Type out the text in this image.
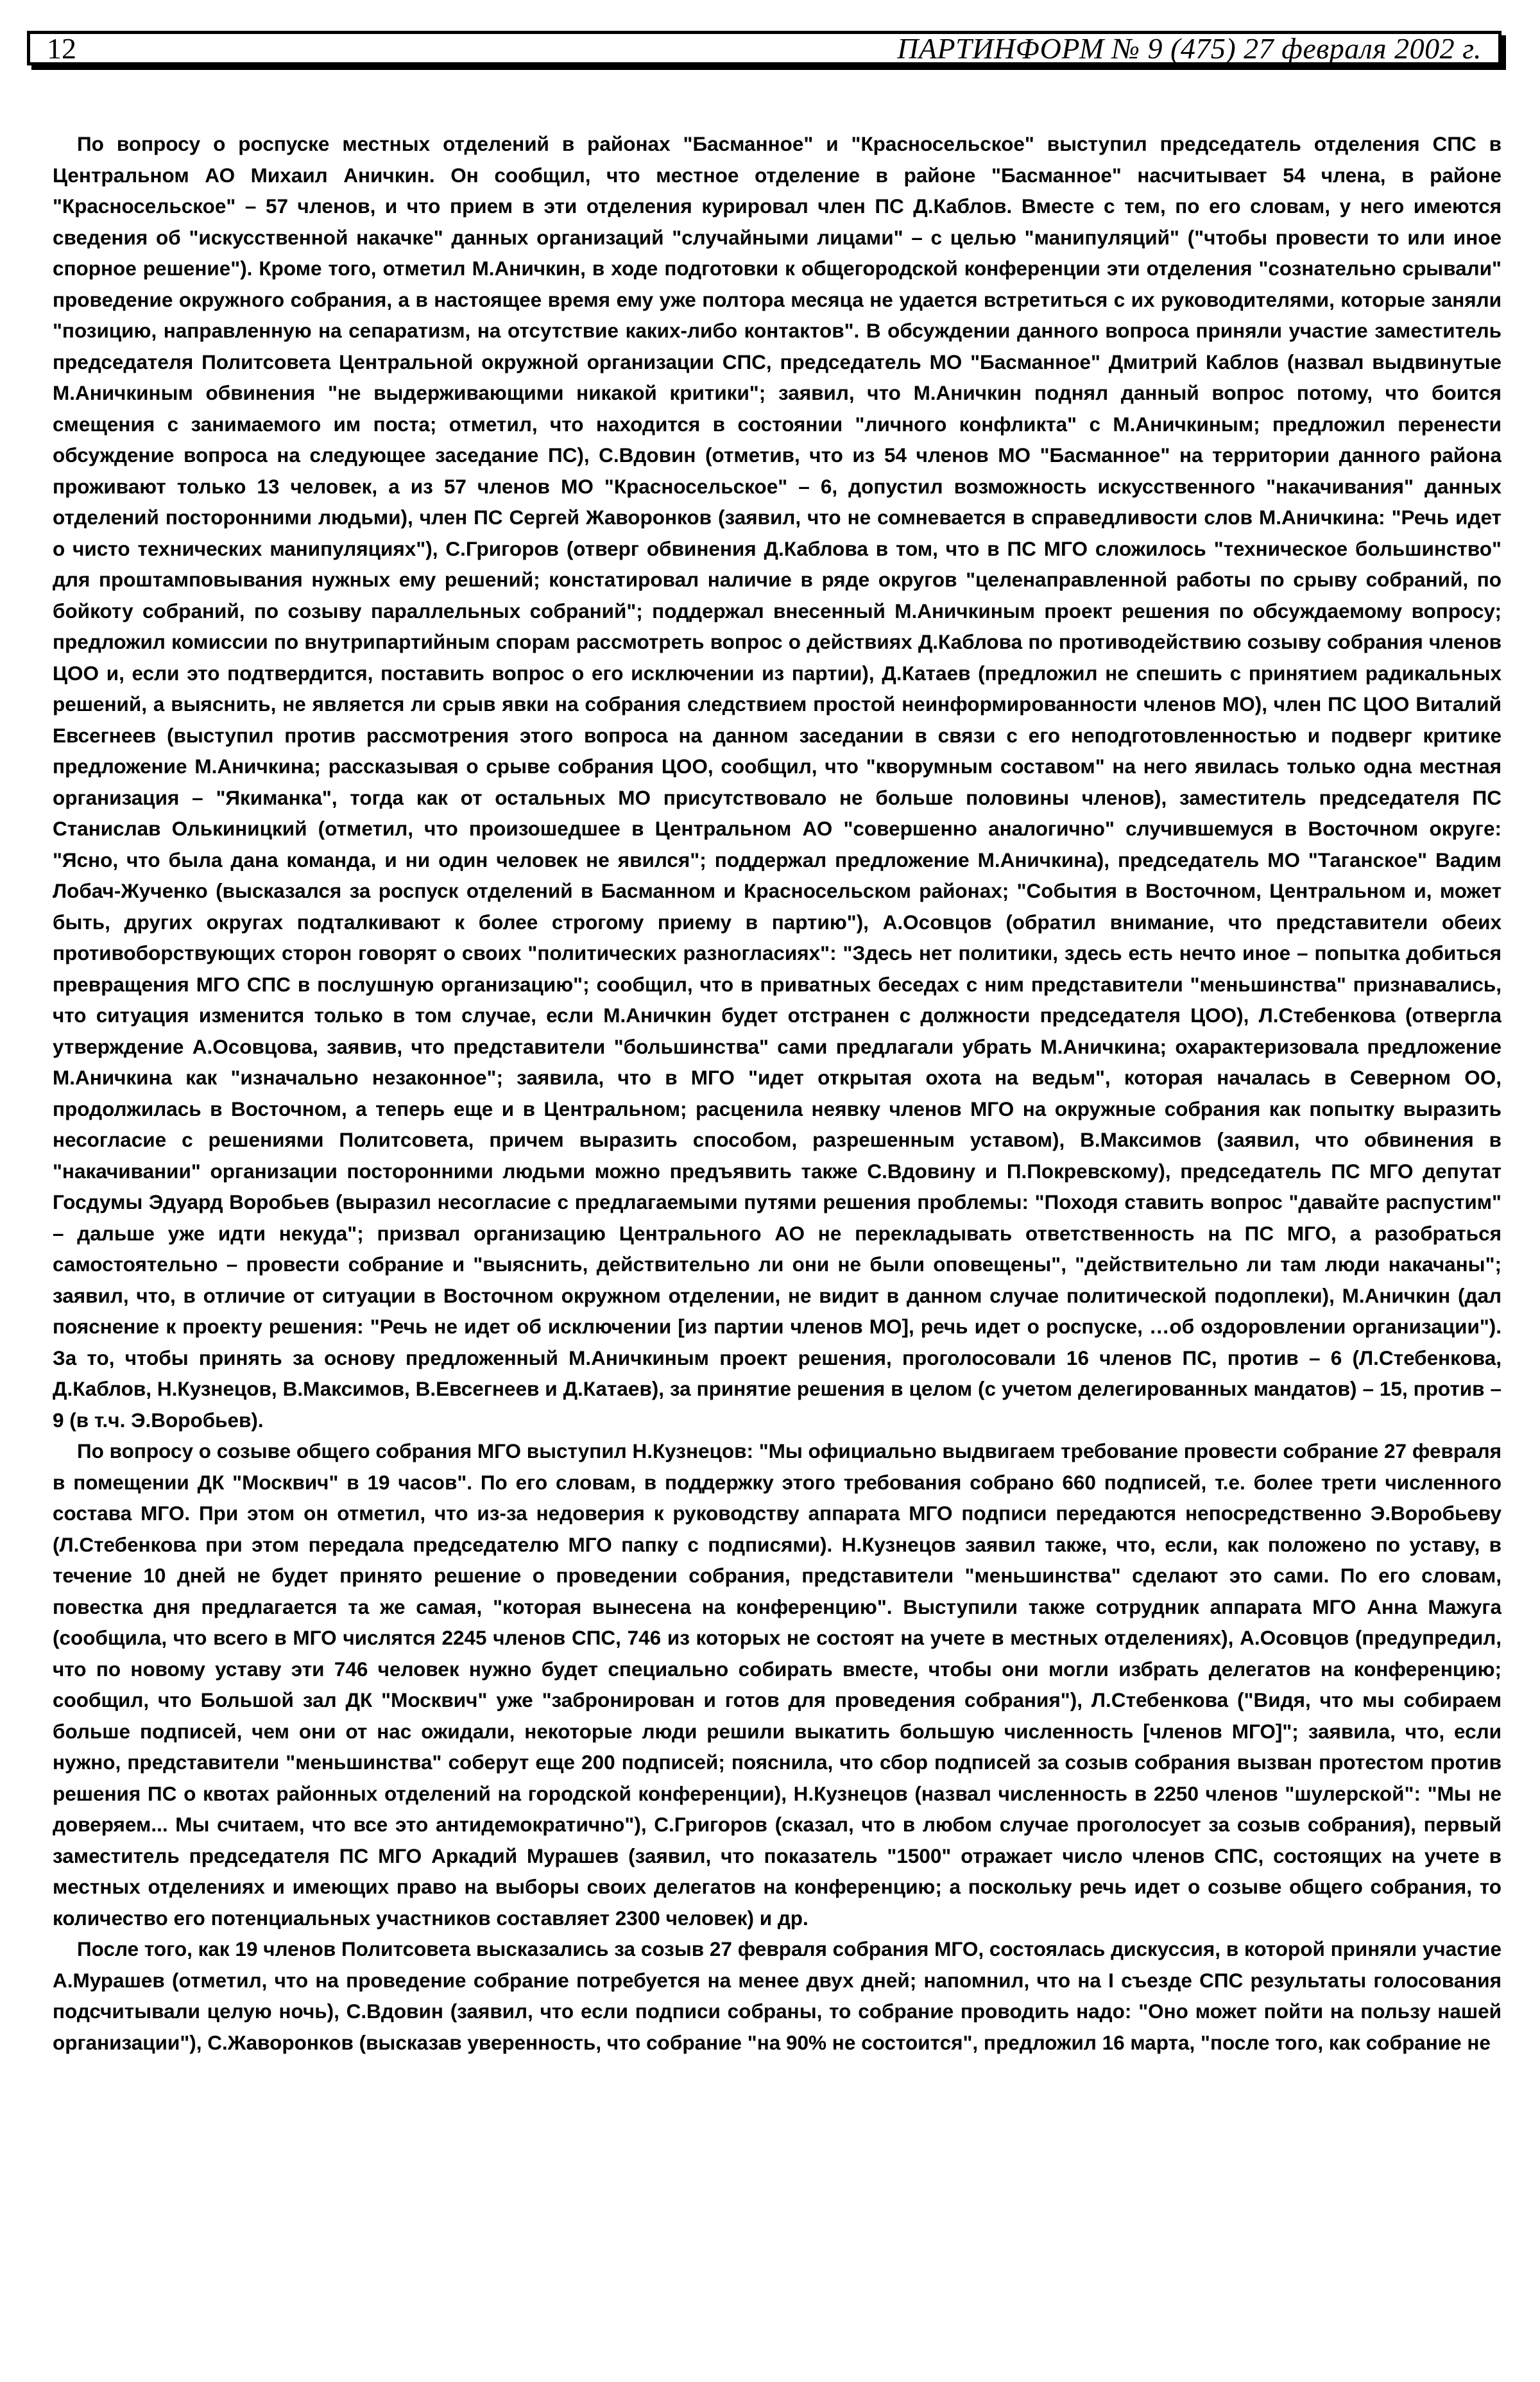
12	ПАРТИНФОРМ № 9 (475) 27 февраля 2002 г.

По вопросу о роспуске местных отделений в районах "Басманное" и "Красносельское" выступил председатель отделения СПС в Центральном АО Михаил Аничкин. Он сообщил, что местное отделение в районе "Басманное" насчитывает 54 члена, в районе "Красносельское" – 57 членов, и что прием в эти отделения курировал член ПС Д.Каблов. Вместе с тем, по его словам, у него имеются сведения об "искусственной накачке" данных организаций "случайными лицами" – с целью "манипуляций" ("чтобы провести то или иное спорное решение"). Кроме того, отметил М.Аничкин, в ходе подготовки к общегородской конференции эти отделения "сознательно срывали" проведение окружного собрания, а в настоящее время ему уже полтора месяца не удается встретиться с их руководителями, которые заняли "позицию, направленную на сепаратизм, на отсутствие каких-либо контактов". В обсуждении данного вопроса приняли участие заместитель председателя Политсовета Центральной окружной организации СПС, председатель МО "Басманное" Дмитрий Каблов (назвал выдвинутые М.Аничкиным обвинения "не выдерживающими никакой критики"; заявил, что М.Аничкин поднял данный вопрос потому, что боится смещения с занимаемого им поста; отметил, что находится в состоянии "личного конфликта" с М.Аничкиным; предложил перенести обсуждение вопроса на следующее заседание ПС), С.Вдовин (отметив, что из 54 членов МО "Басманное" на территории данного района проживают только 13 человек, а из 57 членов МО "Красносельское" – 6, допустил возможность искусственного "накачивания" данных отделений посторонними людьми), член ПС Сергей Жаворонков (заявил, что не сомневается в справедливости слов М.Аничкина: "Речь идет о чисто технических манипуляциях"), С.Григоров (отверг обвинения Д.Каблова в том, что в ПС МГО сложилось "техническое большинство" для проштамповывания нужных ему решений; констатировал наличие в ряде округов "целенаправленной работы по срыву собраний, по бойкоту собраний, по созыву параллельных собраний"; поддержал внесенный М.Аничкиным проект решения по обсуждаемому вопросу; предложил комиссии по внутрипартийным спорам рассмотреть вопрос о действиях Д.Каблова по противодействию созыву собрания членов ЦОО и, если это подтвердится, поставить вопрос о его исключении из партии), Д.Катаев (предложил не спешить с принятием радикальных решений, а выяснить, не является ли срыв явки на собрания следствием простой неинформированности членов МО), член ПС ЦОО Виталий Евсегнеев (выступил против рассмотрения этого вопроса на данном заседании в связи с его неподготовленностью и подверг критике предложение М.Аничкина; рассказывая о срыве собрания ЦОО, сообщил, что "кворумным составом" на него явилась только одна местная организация – "Якиманка", тогда как от остальных МО присутствовало не больше половины членов), заместитель председателя ПС Станислав Олькиницкий (отметил, что произошедшее в Центральном АО "совершенно аналогично" случившемуся в Восточном округе: "Ясно, что была дана команда, и ни один человек не явился"; поддержал предложение М.Аничкина), председатель МО "Таганское" Вадим Лобач-Жученко (высказался за роспуск отделений в Басманном и Красносельском районах; "События в Восточном, Центральном и, может быть, других округах подталкивают к более строгому приему в партию"), А.Осовцов (обратил внимание, что представители обеих противоборствующих сторон говорят о своих "политических разногласиях": "Здесь нет политики, здесь есть нечто иное – попытка добиться превращения МГО СПС в послушную организацию"; сообщил, что в приватных беседах с ним представители "меньшинства" признавались, что ситуация изменится только в том случае, если М.Аничкин будет отстранен с должности председателя ЦОО), Л.Стебенкова (отвергла утверждение А.Осовцова, заявив, что представители "большинства" сами предлагали убрать М.Аничкина; охарактеризовала предложение М.Аничкина как "изначально незаконное"; заявила, что в МГО "идет открытая охота на ведьм", которая началась в Северном ОО, продолжилась в Восточном, а теперь еще и в Центральном; расценила неявку членов МГО на окружные собрания как попытку выразить несогласие с решениями Политсовета, причем выразить способом, разрешенным уставом), В.Максимов (заявил, что обвинения в "накачивании" организации посторонними людьми можно предъявить также С.Вдовину и П.Покревскому), председатель ПС МГО депутат Госдумы Эдуард Воробьев (выразил несогласие с предлагаемыми путями решения проблемы: "Походя ставить вопрос "давайте распустим" – дальше уже идти некуда"; призвал организацию Центрального АО не перекладывать ответственность на ПС МГО, а разобраться самостоятельно – провести собрание и "выяснить, действительно ли они не были оповещены", "действительно ли там люди накачаны"; заявил, что, в отличие от ситуации в Восточном окружном отделении, не видит в данном случае политической подоплеки), М.Аничкин (дал пояснение к проекту решения: "Речь не идет об исключении [из партии членов МО], речь идет о роспуске, …об оздоровлении организации"). За то, чтобы принять за основу предложенный М.Аничкиным проект решения, проголосовали 16 членов ПС, против – 6 (Л.Стебенкова, Д.Каблов, Н.Кузнецов, В.Максимов, В.Евсегнеев и Д.Катаев), за принятие решения в целом (с учетом делегированных мандатов) – 15, против – 9 (в т.ч. Э.Воробьев).

По вопросу о созыве общего собрания МГО выступил Н.Кузнецов: "Мы официально выдвигаем требование провести собрание 27 февраля в помещении ДК "Москвич" в 19 часов". По его словам, в поддержку этого требования собрано 660 подписей, т.е. более трети численного состава МГО. При этом он отметил, что из-за недоверия к руководству аппарата МГО подписи передаются непосредственно Э.Воробьеву (Л.Стебенкова при этом передала председателю МГО папку с подписями). Н.Кузнецов заявил также, что, если, как положено по уставу, в течение 10 дней не будет принято решение о проведении собрания, представители "меньшинства" сделают это сами. По его словам, повестка дня предлагается та же самая, "которая вынесена на конференцию". Выступили также сотрудник аппарата МГО Анна Мажуга (сообщила, что всего в МГО числятся 2245 членов СПС, 746 из которых не состоят на учете в местных отделениях), А.Осовцов (предупредил, что по новому уставу эти 746 человек нужно будет специально собирать вместе, чтобы они могли избрать делегатов на конференцию; сообщил, что Большой зал ДК "Москвич" уже "забронирован и готов для проведения собрания"), Л.Стебенкова ("Видя, что мы собираем больше подписей, чем они от нас ожидали, некоторые люди решили выкатить большую численность [членов МГО]"; заявила, что, если нужно, представители "меньшинства" соберут еще 200 подписей; пояснила, что сбор подписей за созыв собрания вызван протестом против решения ПС о квотах районных отделений на городской конференции), Н.Кузнецов (назвал численность в 2250 членов "шулерской": "Мы не доверяем... Мы считаем, что все это антидемократично"), С.Григоров (сказал, что в любом случае проголосует за созыв собрания), первый заместитель председателя ПС МГО Аркадий Мурашев (заявил, что показатель "1500" отражает число членов СПС, состоящих на учете в местных отделениях и имеющих право на выборы своих делегатов на конференцию; а поскольку речь идет о созыве общего собрания, то количество его потенциальных участников составляет 2300 человек) и др.

После того, как 19 членов Политсовета высказались за созыв 27 февраля собрания МГО, состоялась дискуссия, в которой приняли участие А.Мурашев (отметил, что на проведение собрание потребуется на менее двух дней; напомнил, что на I съезде СПС результаты голосования подсчитывали целую ночь), С.Вдовин (заявил, что если подписи собраны, то собрание проводить надо: "Оно может пойти на пользу нашей организации"), С.Жаворонков (высказав уверенность, что собрание "на 90% не состоится", предложил 16 марта, "после того, как собрание не
